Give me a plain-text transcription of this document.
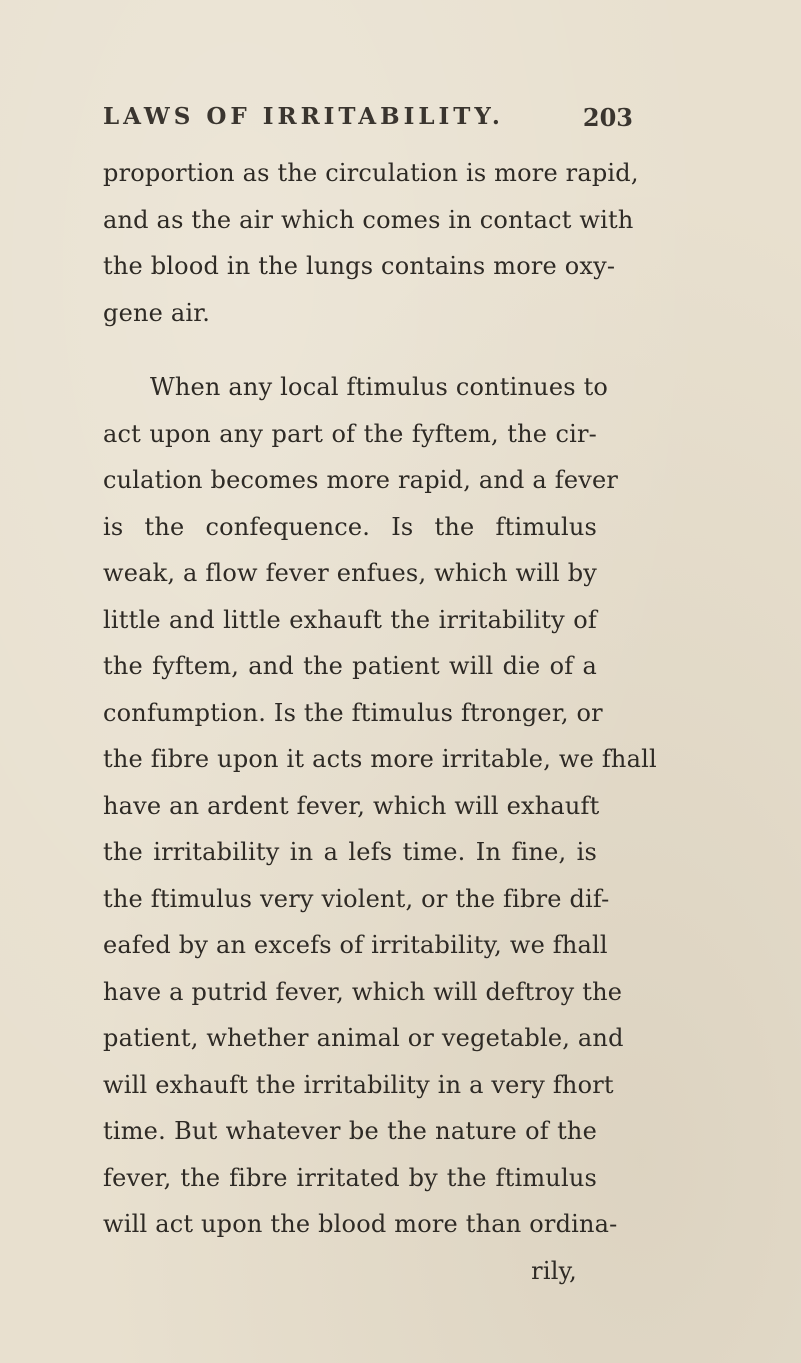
LAWS OF IRRITABILITY.	203
proportion as the circulation is more rapid,
and as the air which comes in contact with
the blood in the lungs contains more oxy-
gene air.
When any local ftimulus continues to
act upon any part of the fyftem, the cir-
culation becomes more rapid, and a fever
is the confequence. Is the ftimulus
weak, a flow fever enfues, which will by
little and little exhauft the irritability of
the fyftem, and the patient will die of a
confumption. Is the ftimulus ftronger, or
the fibre upon it acts more irritable, we fhall
have an ardent fever, which will exhauft
the irritability in a lefs time. In fine, is
the ftimulus very violent, or the fibre dif-
eafed by an excefs of irritability, we fhall
have a putrid fever, which will deftroy the
patient, whether animal or vegetable, and
will exhauft the irritability in a very fhort
time. But whatever be the nature of the
fever, the fibre irritated by the ftimulus
will act upon the blood more than ordina-
rily,
